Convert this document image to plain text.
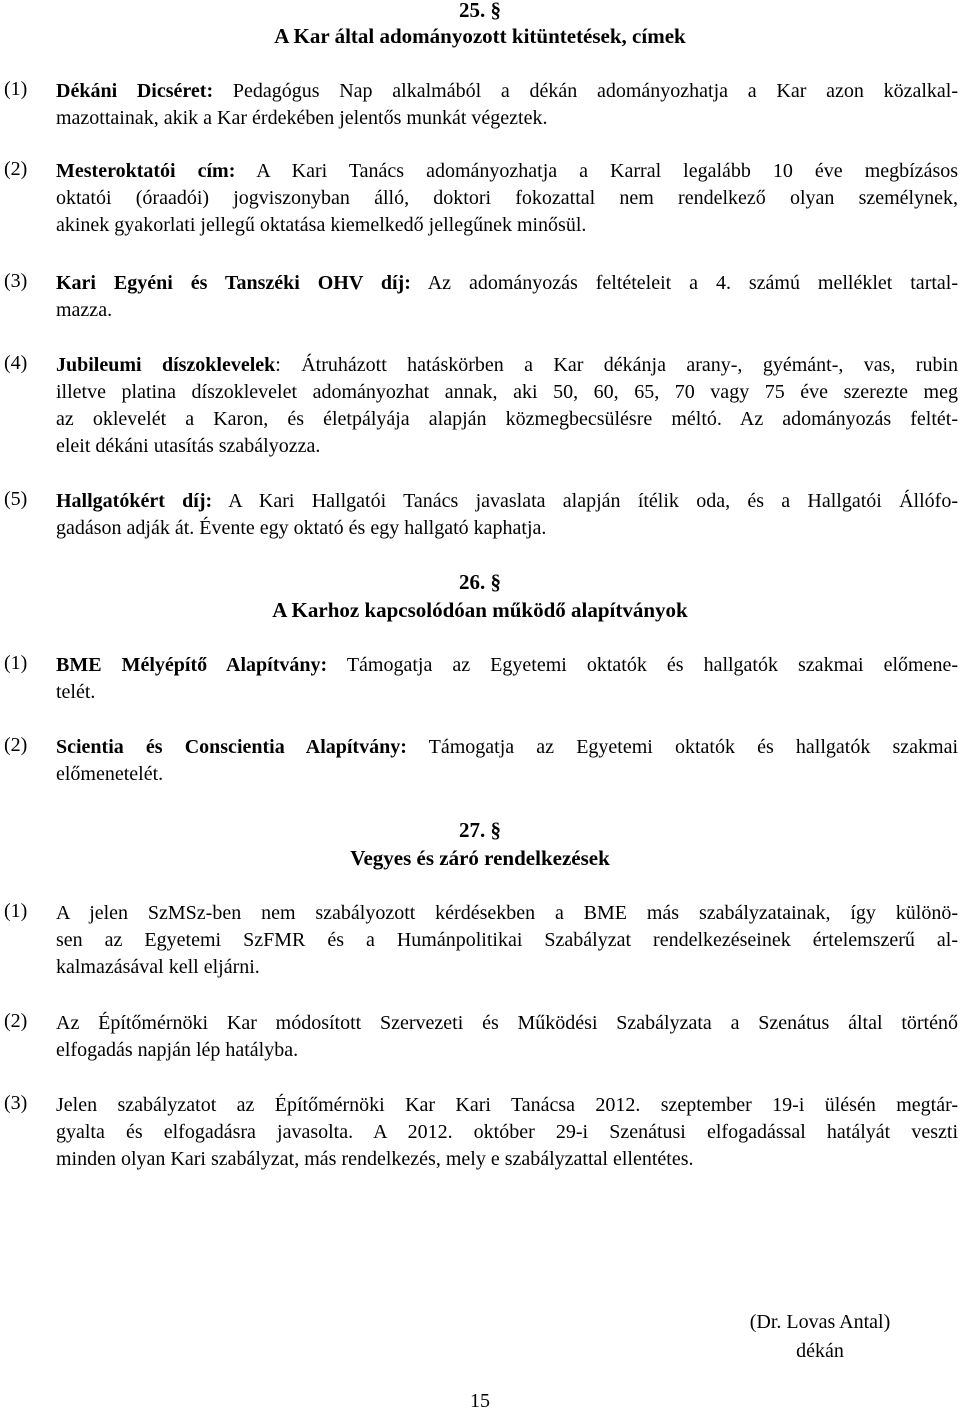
25. §
A Kar által adományozott kitüntetések, címek
(1) Dékáni Dicséret: Pedagógus Nap alkalmából a dékán adományozhatja a Kar azon közalkal-
mazottainak, akik a Kar érdekében jelentős munkát végeztek.
(2) Mesteroktatói cím: A Kari Tanács adományozhatja a Karral legalább 10 éve megbízásos
oktatói (óraadói) jogviszonyban álló, doktori fokozattal nem rendelkező olyan személynek,
akinek gyakorlati jellegű oktatása kiemelkedő jellegűnek minősül.
(3) Kari Egyéni és Tanszéki OHV díj: Az adományozás feltételeit a 4. számú melléklet tartal-
mazza.
(4) Jubileumi díszoklevelek: Átruházott hatáskörben a Kar dékánja arany-, gyémánt-, vas, rubin
illetve platina díszoklevelet adományozhat annak, aki 50, 60, 65, 70 vagy 75 éve szerezte meg
az oklevelét a Karon, és életpályája alapján közmegbecsülésre méltó. Az adományozás feltét-
eleit dékáni utasítás szabályozza.
(5) Hallgatókért díj: A Kari Hallgatói Tanács javaslata alapján ítélik oda, és a Hallgatói Állófo-
gadáson adják át. Évente egy oktató és egy hallgató kaphatja.
26. §
A Karhoz kapcsolódóan működő alapítványok
(1) BME Mélyépítő Alapítvány: Támogatja az Egyetemi oktatók és hallgatók szakmai előmene-
telét.
(2) Scientia és Conscientia Alapítvány: Támogatja az Egyetemi oktatók és hallgatók szakmai
előmenetelét.
27. §
Vegyes és záró rendelkezések
(1) A jelen SzMSz-ben nem szabályozott kérdésekben a BME más szabályzatainak, így különö-
sen az Egyetemi SzFMR és a Humánpolitikai Szabályzat rendelkezéseinek értelemszerű al-
kalmazásával kell eljárni.
(2) Az Építőmérnöki Kar módosított Szervezeti és Működési Szabályzata a Szenátus által történő
elfogadás napján lép hatályba.
(3) Jelen szabályzatot az Építőmérnöki Kar Kari Tanácsa 2012. szeptember 19-i ülésén megtár-
gyalta és elfogadásra javasolta. A 2012. október 29-i Szenátusi elfogadással hatályát veszti
minden olyan Kari szabályzat, más rendelkezés, mely e szabályzattal ellentétes.
(Dr. Lovas Antal)
dékán
15
